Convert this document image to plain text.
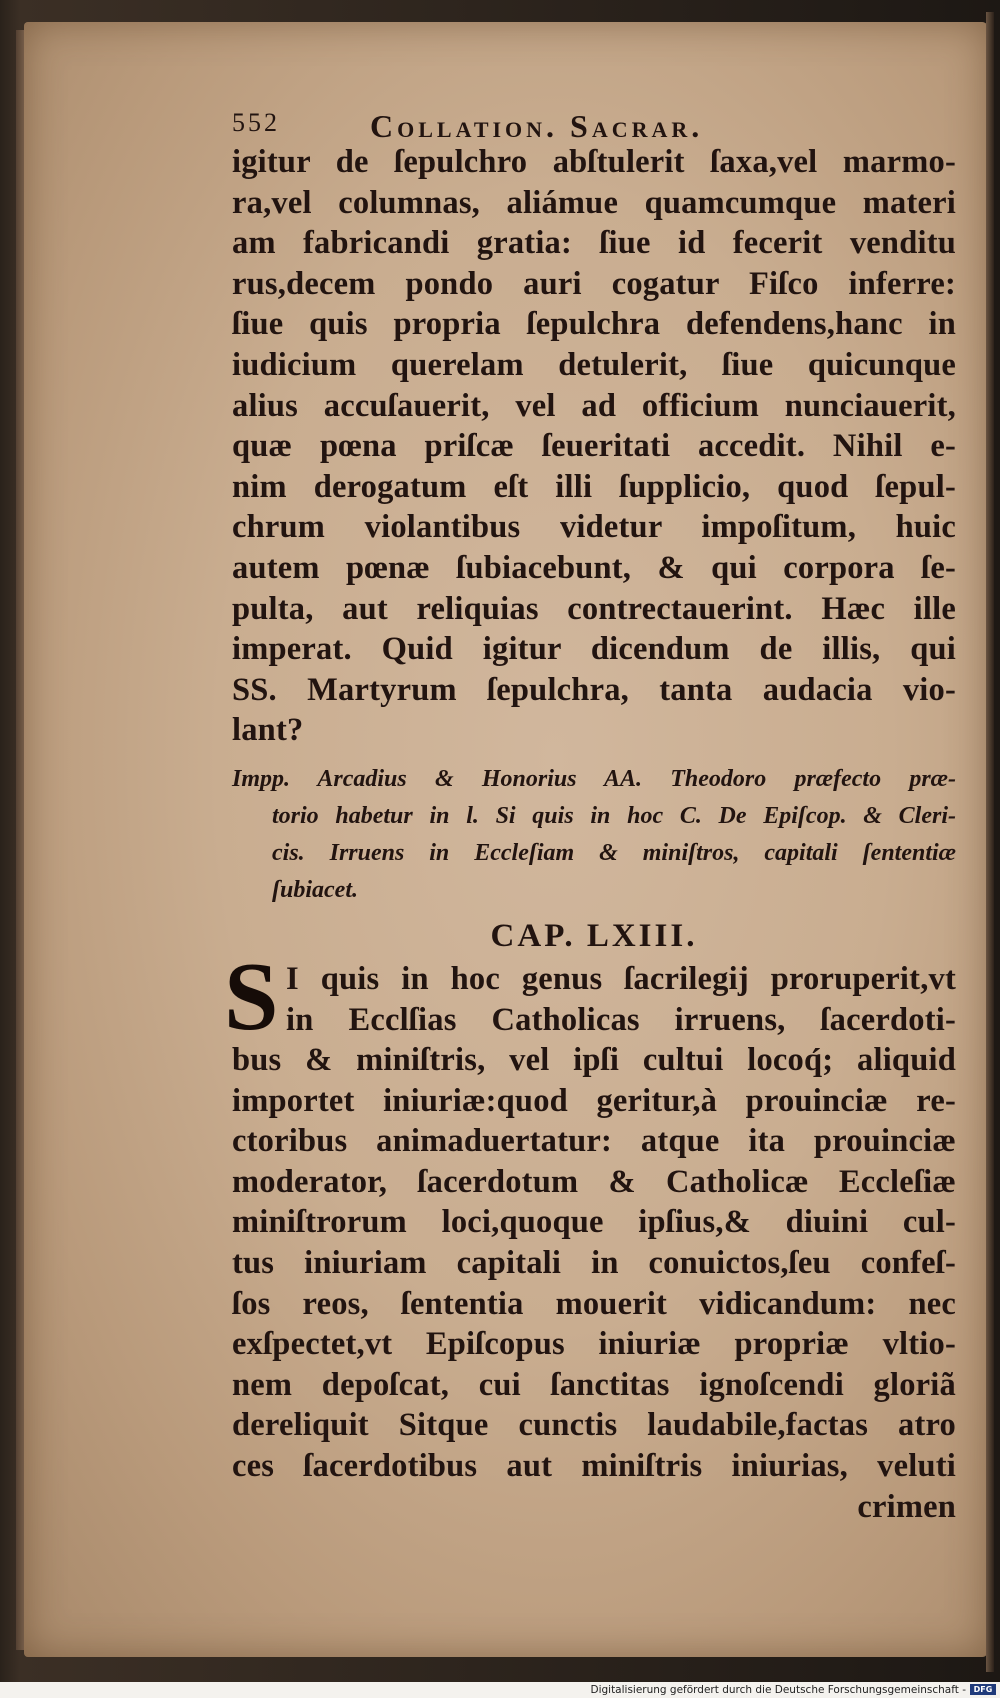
552	Collation. Sacrar.
igitur de ſepulchro abſtulerit ſaxa,vel marmo-
ra,vel columnas, aliámue quamcumque materi
am fabricandi gratia: ſiue id fecerit venditu
rus,decem pondo auri cogatur Fiſco inferre:
ſiue quis propria ſepulchra defendens,hanc in
iudicium querelam detulerit, ſiue quicunque
alius accuſauerit, vel ad officium nunciauerit,
quæ pœna priſcæ ſeueritati accedit. Nihil e-
nim derogatum eſt illi ſupplicio, quod ſepul-
chrum violantibus videtur impoſitum, huic
autem pœnæ ſubiacebunt, & qui corpora ſe-
pulta, aut reliquias contrectauerint. Hæc ille
imperat. Quid igitur dicendum de illis, qui
SS. Martyrum ſepulchra, tanta audacia vio-
lant?
Impp. Arcadius & Honorius AA. Theodoro præfecto præ-
torio habetur in l. Si quis in hoc C. De Epiſcop. & Cleri-
cis. Irruens in Eccleſiam & miniſtros, capitali ſententiæ
ſubiacet.
CAP. LXIII.
S I quis in hoc genus ſacrilegij proruperit,vt
in Ecclſias Catholicas irruens, ſacerdoti-
bus & miniſtris, vel ipſi cultui locoq́; aliquid
importet iniuriæ:quod geritur,à prouinciæ re-
ctoribus animaduertatur: atque ita prouinciæ
moderator, ſacerdotum & Catholicæ Eccleſiæ
miniſtrorum loci,quoque ipſius,& diuini cul-
tus iniuriam capitali in conuictos,ſeu confeſ-
ſos reos, ſententia mouerit vidicandum: nec
exſpectet,vt Epiſcopus iniuriæ propriæ vltio-
nem depoſcat, cui ſanctitas ignoſcendi gloriã
dereliquit Sitque cunctis laudabile,factas atro
ces ſacerdotibus aut miniſtris iniurias, veluti
crimen
Digitalisierung gefördert durch die Deutsche Forschungsgemeinschaft - DFG
